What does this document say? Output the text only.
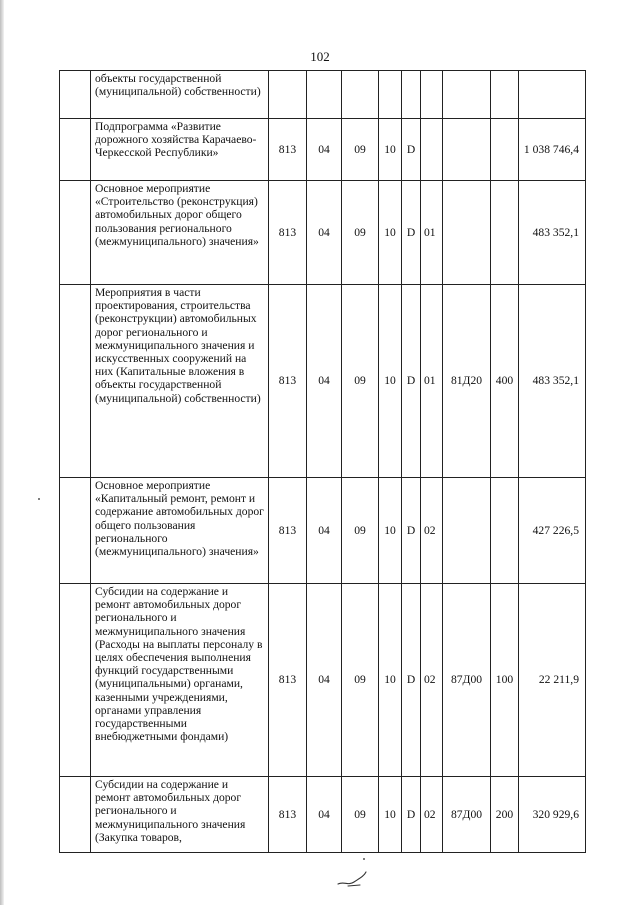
102
	объекты государственной (муниципальной) собственности)									
	Подпрограмма «Развитие дорожного хозяйства Карачаево-Черкесской Республики»	813	04	09	10	D				1 038 746,4
	Основное мероприятие «Строительство (реконструкция) автомобильных дорог общего пользования регионального (межмуниципального) значения»	813	04	09	10	D	01			483 352,1
	Мероприятия в части проектирования, строительства (реконструкции) автомобильных дорог регионального и межмуниципального значения и искусственных сооружений на них (Капитальные вложения в объекты государственной (муниципальной) собственности)	813	04	09	10	D	01	81Д20	400	483 352,1
	Основное мероприятие «Капитальный ремонт, ремонт и содержание автомобильных дорог общего пользования регионального (межмуниципального) значения»	813	04	09	10	D	02			427 226,5
	Субсидии на содержание и ремонт автомобильных дорог регионального и межмуниципального значения (Расходы на выплаты персоналу в целях обеспечения выполнения функций государственными (муниципальными) органами, казенными учреждениями, органами управления государственными внебюджетными фондами)	813	04	09	10	D	02	87Д00	100	22 211,9
	Субсидии на содержание и ремонт автомобильных дорог регионального и межмуниципального значения (Закупка товаров,	813	04	09	10	D	02	87Д00	200	320 929,6
